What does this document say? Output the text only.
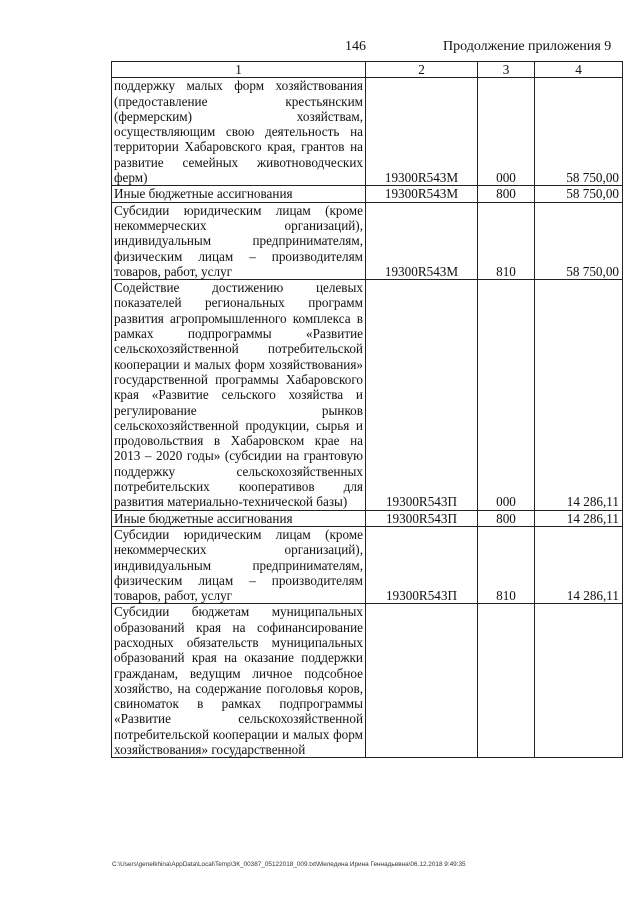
146	Продолжение приложения 9
1	2	3	4
поддержку малых форм хозяйствования (предоставление крестьянским (фермерским) хозяйствам, осуществляющим свою деятельность на территории Хабаровского края, грантов на развитие семейных животноводческих ферм)	19300R543M	000	58 750,00
Иные бюджетные ассигнования	19300R543M	800	58 750,00
Субсидии юридическим лицам (кроме некоммерческих организаций), индивидуальным предпринимателям, физическим лицам – производителям товаров, работ, услуг	19300R543M	810	58 750,00
Содействие достижению целевых показателей региональных программ развития агропромышленного комплекса в рамках подпрограммы «Развитие сельскохозяйственной потребительской кооперации и малых форм хозяйствования» государственной программы Хабаровского края «Развитие сельского хозяйства и регулирование рынков сельскохозяйственной продукции, сырья и продовольствия в Хабаровском крае на 2013 – 2020 годы» (субсидии на грантовую поддержку сельскохозяйственных потребительских кооперативов для развития материально-технической базы)	19300R543П	000	14 286,11
Иные бюджетные ассигнования	19300R543П	800	14 286,11
Субсидии юридическим лицам (кроме некоммерческих организаций), индивидуальным предпринимателям, физическим лицам – производителям товаров, работ, услуг	19300R543П	810	14 286,11
Субсидии бюджетам муниципальных образований края на софинансирование расходных обязательств муниципальных образований края на оказание поддержки гражданам, ведущим личное подсобное хозяйство, на содержание поголовья коров, свиноматок в рамках подпрограммы «Развитие сельскохозяйственной потребительской кооперации и малых форм хозяйствования» государственной			
C:\Users\genelkhina\AppData\Local\Temp\ЗК_00387_05122018_009.txt\Меледина Ирина Геннадьевна\06.12.2018 9:49:35
